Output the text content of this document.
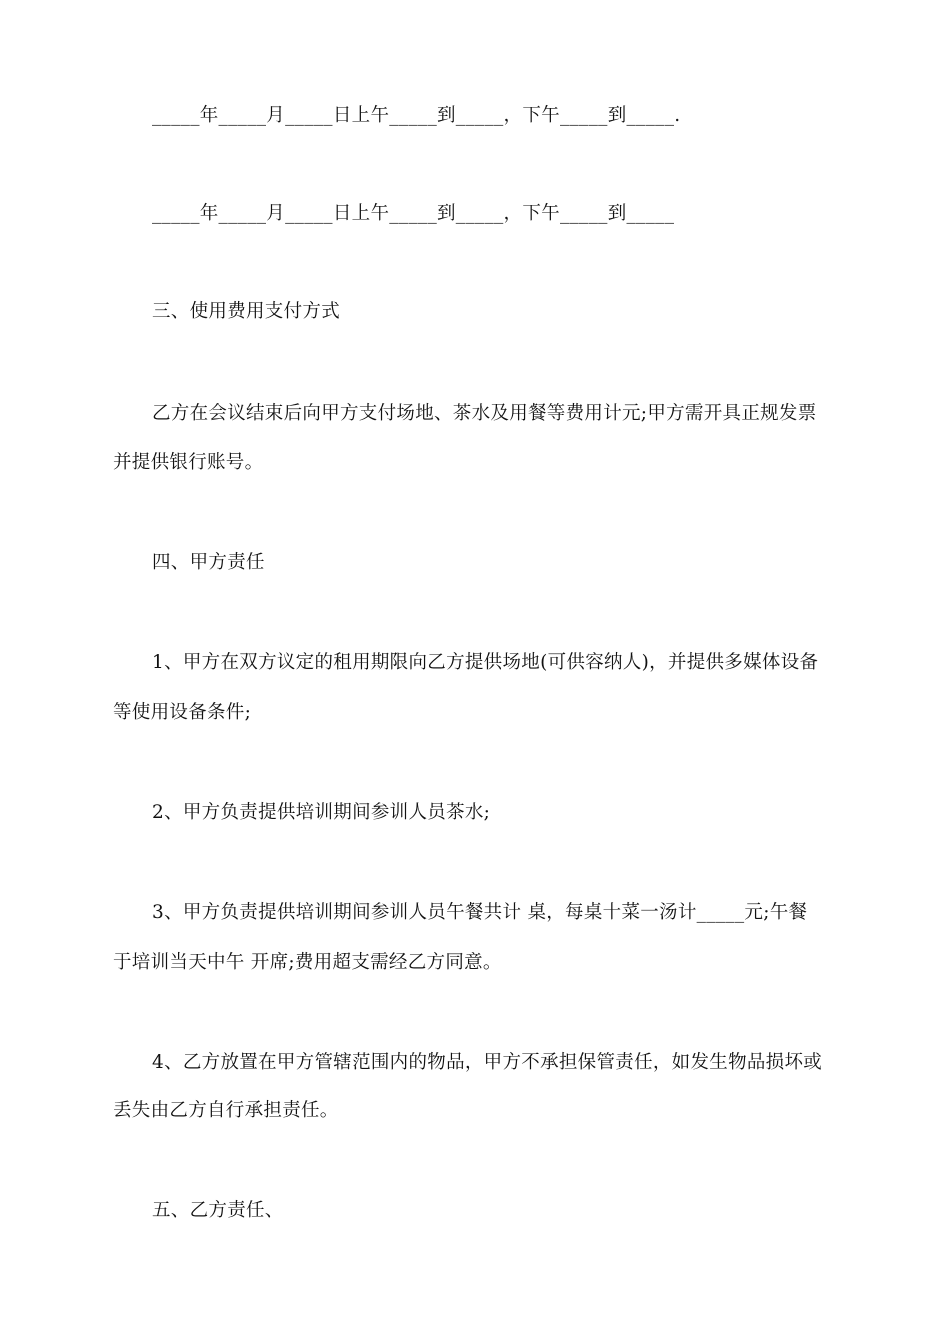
_____年_____月_____日上午_____到_____，下午_____到_____.
_____年_____月_____日上午_____到_____，下午_____到_____
三、使用费用支付方式
乙方在会议结束后向甲方支付场地、茶水及用餐等费用计元;甲方需开具正规发票
并提供银行账号。
四、甲方责任
1、甲方在双方议定的租用期限向乙方提供场地(可供容纳人)，并提供多媒体设备
等使用设备条件;
2、甲方负责提供培训期间参训人员茶水;
3、甲方负责提供培训期间参训人员午餐共计 桌，每桌十菜一汤计_____元;午餐
于培训当天中午 开席;费用超支需经乙方同意。
4、乙方放置在甲方管辖范围内的物品，甲方不承担保管责任，如发生物品损坏或
丢失由乙方自行承担责任。
五、乙方责任、
